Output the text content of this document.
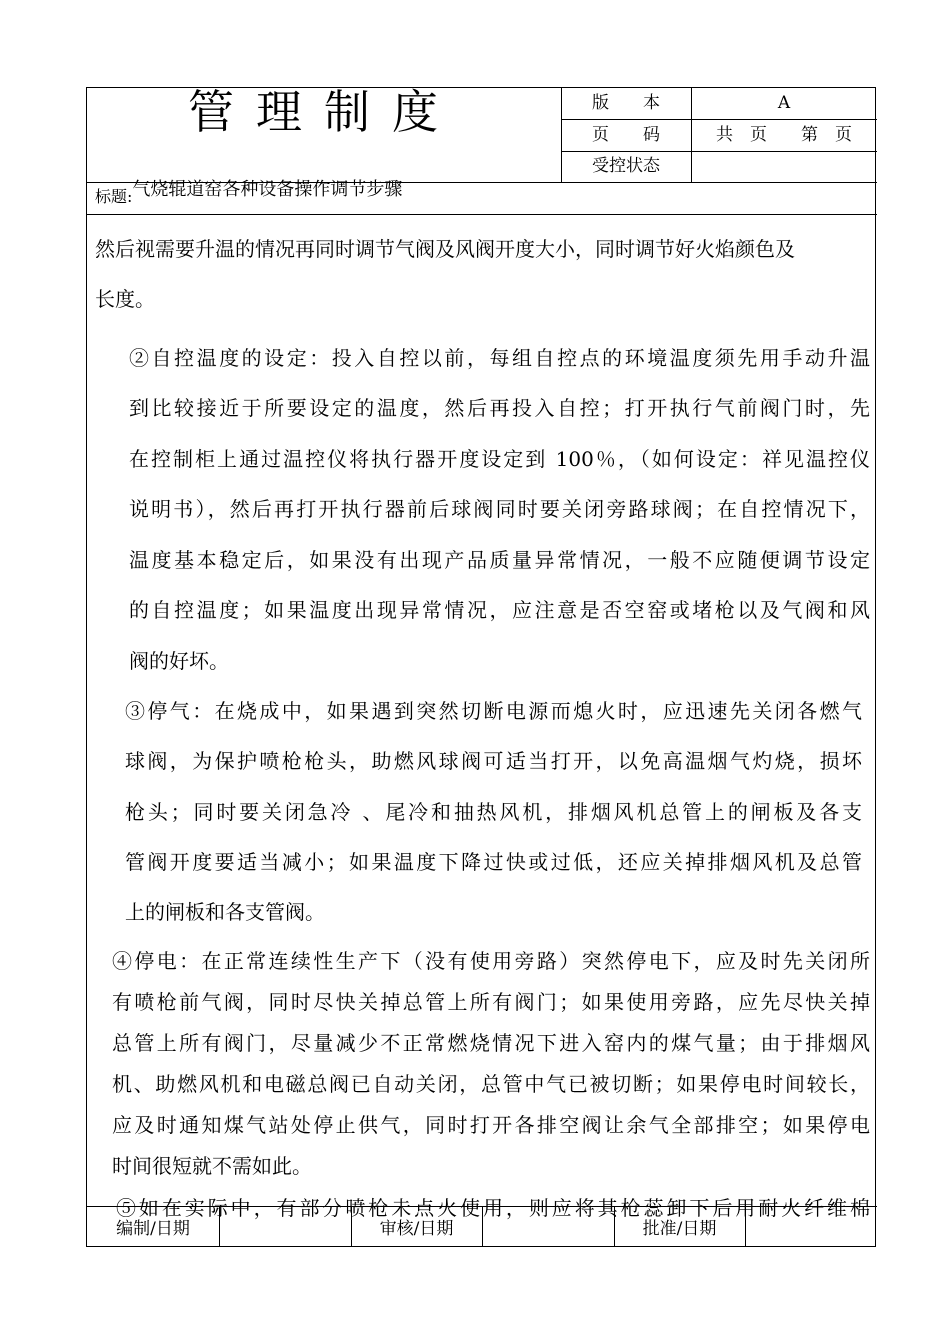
管理制度	版　　本	A
页　　码	共　页　　第　页
受控状态
标题:气烧辊道窑各种设备操作调节步骤

然后视需要升温的情况再同时调节气阀及风阀开度大小，同时调节好火焰颜色及

长度。

②自控温度的设定：投入自控以前，每组自控点的环境温度须先用手动升温

到比较接近于所要设定的温度，然后再投入自控；打开执行气前阀门时，先

在控制柜上通过温控仪将执行器开度设定到 100％，（如何设定：祥见温控仪

说明书），然后再打开执行器前后球阀同时要关闭旁路球阀；在自控情况下，

温度基本稳定后，如果没有出现产品质量异常情况，一般不应随便调节设定

的自控温度；如果温度出现异常情况，应注意是否空窑或堵枪以及气阀和风

阀的好坏。

③停气：在烧成中，如果遇到突然切断电源而熄火时，应迅速先关闭各燃气

球阀，为保护喷枪枪头，助燃风球阀可适当打开，以免高温烟气灼烧，损坏

枪头；同时要关闭急冷 、尾冷和抽热风机，排烟风机总管上的闸板及各支

管阀开度要适当减小；如果温度下降过快或过低，还应关掉排烟风机及总管

上的闸板和各支管阀。

④停电：在正常连续性生产下（没有使用旁路）突然停电下，应及时先关闭所

有喷枪前气阀，同时尽快关掉总管上所有阀门；如果使用旁路，应先尽快关掉

总管上所有阀门，尽量减少不正常燃烧情况下进入窑内的煤气量；由于排烟风

机、助燃风机和电磁总阀已自动关闭，总管中气已被切断；如果停电时间较长，

应及时通知煤气站处停止供气，同时打开各排空阀让余气全部排空；如果停电

时间很短就不需如此。

⑤如在实际中，有部分喷枪未点火使用，则应将其枪蕊卸下后用耐火纤维棉

编制/日期	审核/日期	批准/日期
